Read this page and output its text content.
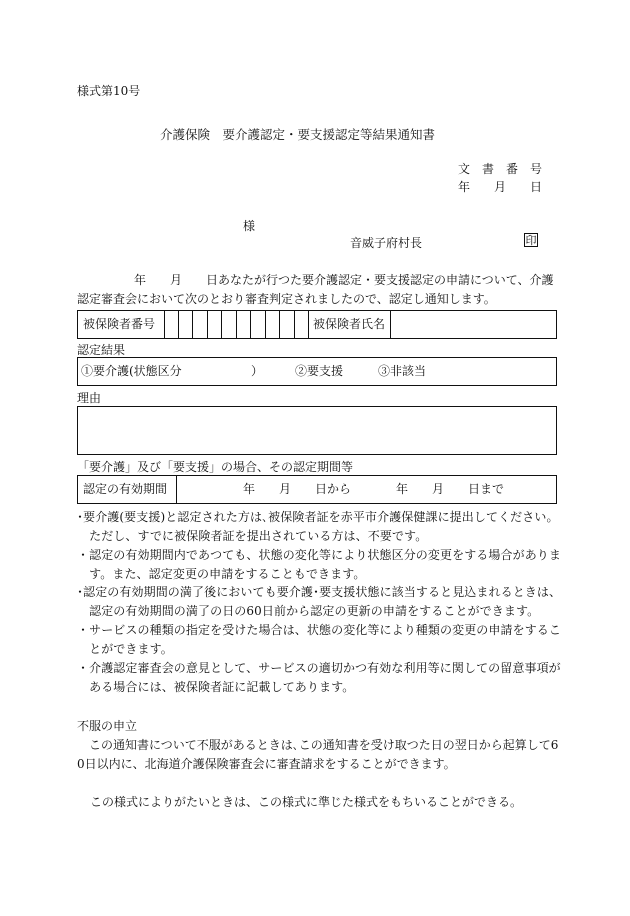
様式第10号
介護保険　要介護認定・要支援認定等結果通知書
文　書　番　号
年　　月　　日
様
音威子府村長	印
年　　月　　日あなたが行つた要介護認定・要支援認定の申請について、介護
認定審査会において次のとおり審査判定されましたので、認定し通知します。
被保険者番号	被保険者氏名
認定結果
①要介護(状態区分	）	②要支援	③非該当
理由
「要介護」及び「要支援」の場合、その認定期間等
認定の有効期間	年　　月　　日から	年　　月　　日まで
･要介護(要支援)と認定された方は､被保険者証を赤平市介護保健課に提出してください。
　ただし、すでに被保険者証を提出されている方は、不要です。
・認定の有効期間内であつても、状態の変化等により状態区分の変更をする場合がありま
　す。また、認定変更の申請をすることもできます。
･認定の有効期間の満了後においても要介護･要支援状態に該当すると見込まれるときは、
　認定の有効期間の満了の日の60日前から認定の更新の申請をすることができます。
・サービスの種類の指定を受けた場合は、状態の変化等により種類の変更の申請をするこ
　とができます。
・介護認定審査会の意見として、サービスの適切かつ有効な利用等に関しての留意事項が
　ある場合には、被保険者証に記載してあります。
不服の申立
この通知書について不服があるときは､この通知書を受け取つた日の翌日から起算して6
0日以内に、北海道介護保険審査会に審査請求をすることができます。
この様式によりがたいときは、この様式に準じた様式をもちいることができる。
